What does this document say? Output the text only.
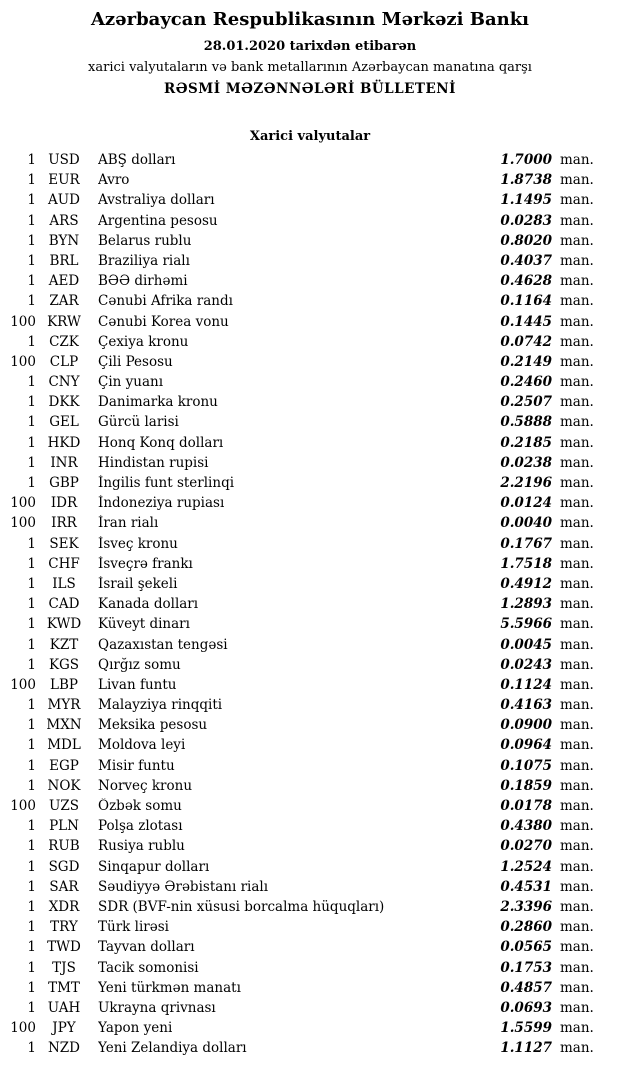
Azərbaycan Respublikasının Mərkəzi Bankı
28.01.2020 tarixdən etibarən
xarici valyutaların və bank metallarının Azərbaycan manatına qarşı
RƏSMİ MƏZƏNNƏLƏRİ BÜLLETENİ
Xarici valyutalar
1 USD	ABŞ dolları	1.7000 man.
1 EUR	Avro	1.8738 man.
1 AUD	Avstraliya dolları	1.1495 man.
1 ARS	Argentina pesosu	0.0283 man.
1 BYN	Belarus rublu	0.8020 man.
1 BRL	Braziliya rialı	0.4037 man.
1 AED	BƏƏ dirhəmi	0.4628 man.
1 ZAR	Cənubi Afrika randı	0.1164 man.
100 KRW	Cənubi Korea vonu	0.1445 man.
1 CZK	Çexiya kronu	0.0742 man.
100	CLP	Çili Pesosu	0.2149 man.
1 CNY	Çin yuanı	0.2460 man.
1 DKK	Danimarka kronu	0.2507 man.
1 GEL	Gürcü larisi	0.5888 man.
1 HKD	Honq Konq dolları	0.2185 man.
1	INR	Hindistan rupisi	0.0238 man.
1 GBP	İngilis funt sterlinqi	2.2196 man.
100	IDR	İndoneziya rupiası	0.0124 man.
100	IRR	İran rialı	0.0040 man.
1 SEK	İsveç kronu	0.1767 man.
1 CHF	İsveçrə frankı	1.7518 man.
1	ILS	İsrail şekeli	0.4912 man.
1 CAD	Kanada dolları	1.2893 man.
1 KWD	Küveyt dinarı	5.5966 man.
1	KZT	Qazaxıstan tengəsi	0.0045 man.
1 KGS	Qırğız somu	0.0243 man.
100	LBP	Livan funtu	0.1124 man.
1 MYR	Malayziya rinqqiti	0.4163 man.
1 MXN	Meksika pesosu	0.0900 man.
1 MDL	Moldova leyi	0.0964 man.
1 EGP	Misir funtu	0.1075 man.
1 NOK	Norveç kronu	0.1859 man.
100 UZS	Özbək somu	0.0178 man.
1 PLN	Polşa zlotası	0.4380 man.
1 RUB	Rusiya rublu	0.0270 man.
1 SGD	Sinqapur dolları	1.2524 man.
1 SAR	Səudiyyə Ərəbistanı rialı	0.4531 man.
1 XDR	SDR (BVF-nin xüsusi borcalma hüquqları)	2.3396 man.
1	TRY	Türk lirəsi	0.2860 man.
1 TWD	Tayvan dolları	0.0565 man.
1	TJS	Tacik somonisi	0.1753 man.
1 TMT	Yeni türkmən manatı	0.4857 man.
1 UAH	Ukrayna qrivnası	0.0693 man.
100	JPY	Yapon yeni	1.5599 man.
1 NZD	Yeni Zelandiya dolları	1.1127 man.
